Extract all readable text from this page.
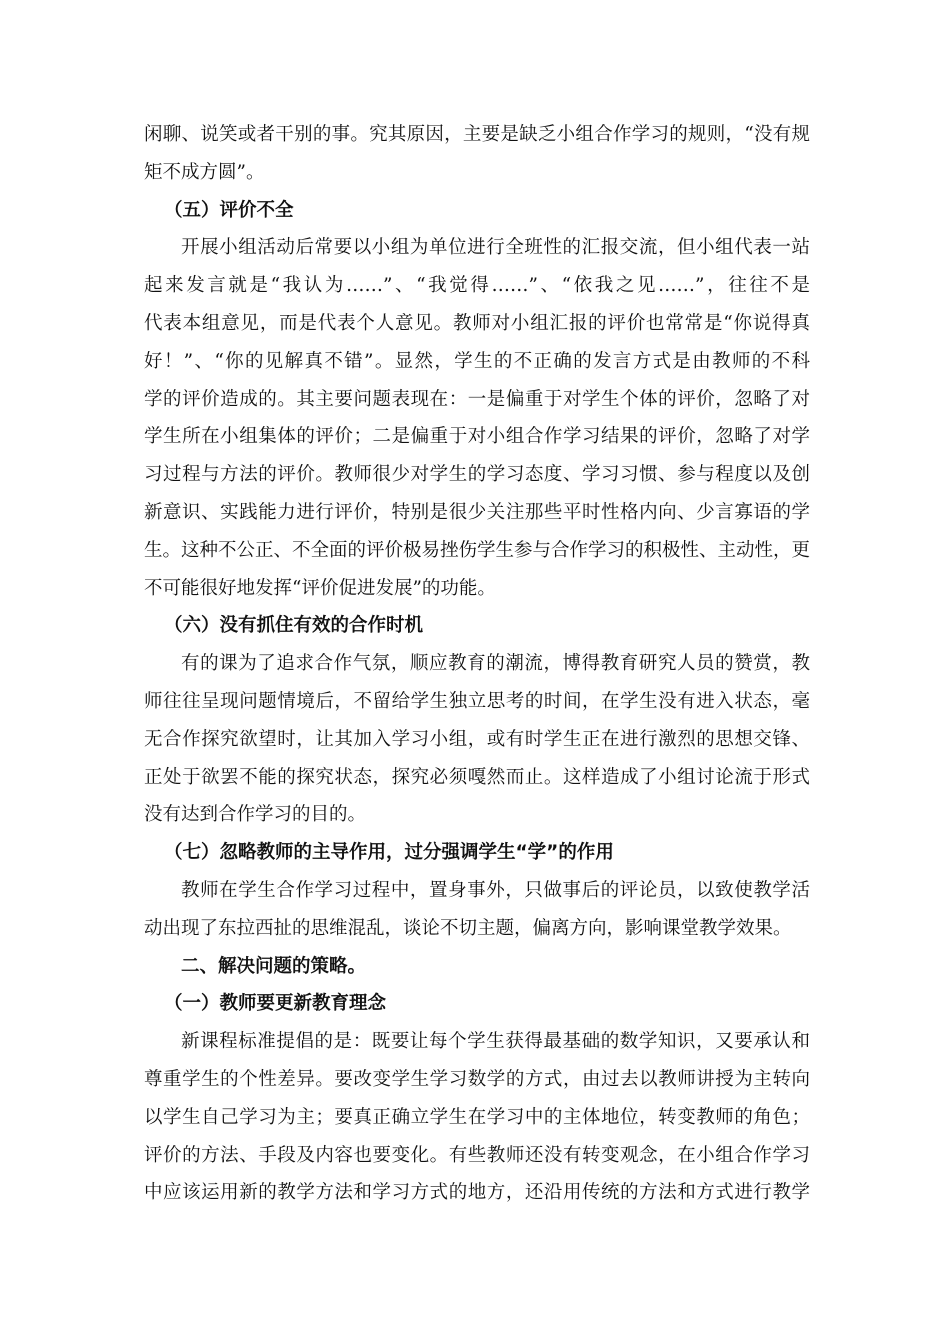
闲聊、说笑或者干别的事。究其原因，主要是缺乏小组合作学习的规则，“没有规
矩不成方圆”。
（五）评价不全
开展小组活动后常要以小组为单位进行全班性的汇报交流，但小组代表一站
起来发言就是“我认为……”、“我觉得……”、“依我之见……”，往往不是
代表本组意见，而是代表个人意见。教师对小组汇报的评价也常常是“你说得真
好！”、“你的见解真不错”。显然，学生的不正确的发言方式是由教师的不科
学的评价造成的。其主要问题表现在：一是偏重于对学生个体的评价，忽略了对
学生所在小组集体的评价；二是偏重于对小组合作学习结果的评价，忽略了对学
习过程与方法的评价。教师很少对学生的学习态度、学习习惯、参与程度以及创
新意识、实践能力进行评价，特别是很少关注那些平时性格内向、少言寡语的学
生。这种不公正、不全面的评价极易挫伤学生参与合作学习的积极性、主动性，更
不可能很好地发挥“评价促进发展”的功能。
（六）没有抓住有效的合作时机
有的课为了追求合作气氛，顺应教育的潮流，博得教育研究人员的赞赏，教
师往往呈现问题情境后，不留给学生独立思考的时间，在学生没有进入状态，毫
无合作探究欲望时，让其加入学习小组，或有时学生正在进行激烈的思想交锋、
正处于欲罢不能的探究状态，探究必须嘎然而止。这样造成了小组讨论流于形式
没有达到合作学习的目的。
（七）忽略教师的主导作用，过分强调学生“学”的作用
教师在学生合作学习过程中，置身事外，只做事后的评论员，以致使教学活
动出现了东拉西扯的思维混乱，谈论不切主题，偏离方向，影响课堂教学效果。
二、解决问题的策略。
（一）教师要更新教育理念
新课程标准提倡的是：既要让每个学生获得最基础的数学知识，又要承认和
尊重学生的个性差异。要改变学生学习数学的方式，由过去以教师讲授为主转向
以学生自己学习为主；要真正确立学生在学习中的主体地位，转变教师的角色；
评价的方法、手段及内容也要变化。有些教师还没有转变观念，在小组合作学习
中应该运用新的教学方法和学习方式的地方，还沿用传统的方法和方式进行教学
